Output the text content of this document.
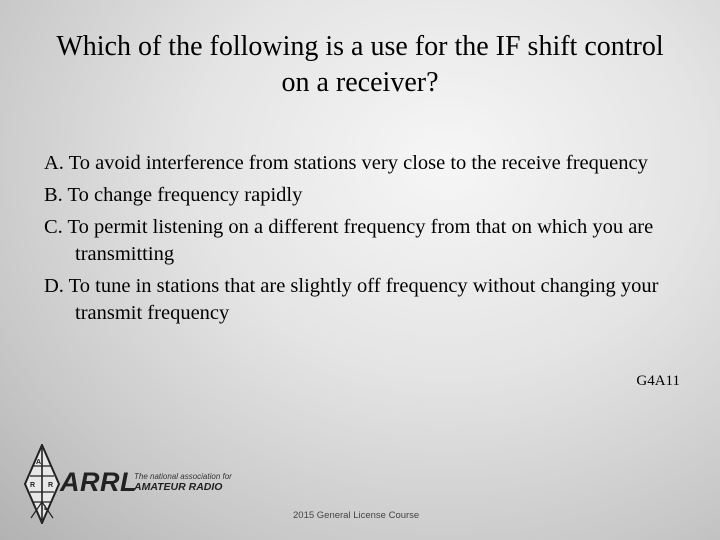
Which of the following is a use for the IF shift control on a receiver?

A. To avoid interference from stations very close to the receive frequency

B. To change frequency rapidly

C. To permit listening on a different frequency from that on which you are transmitting

D. To tune in stations that are slightly off frequency without changing your transmit frequency

G4A11
A
R R
L
ARRL
The national association for
AMATEUR RADIO
2015 General License Course
